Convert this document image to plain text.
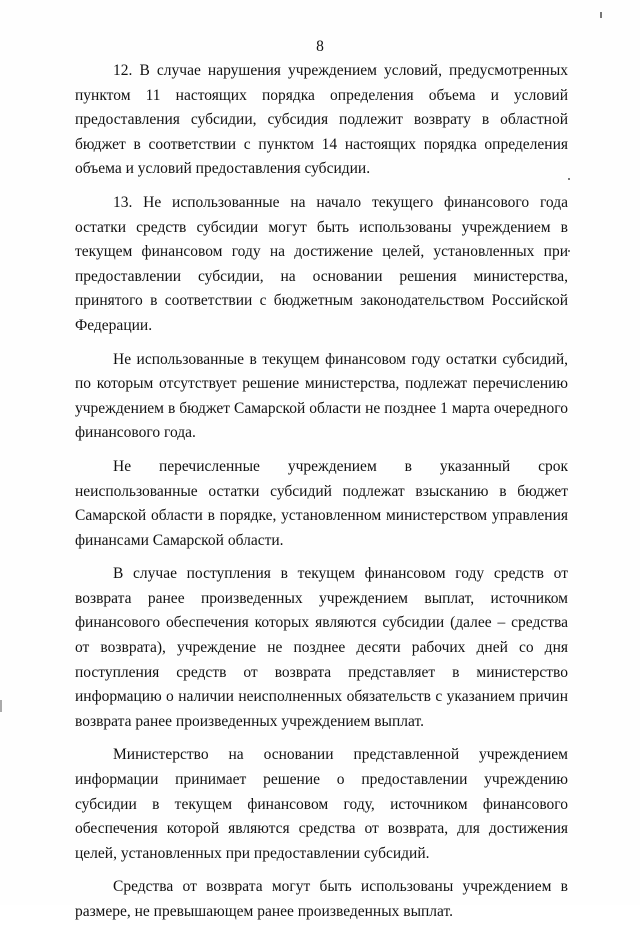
8

12. В случае нарушения учреждением условий, предусмотренных пунктом 11 настоящих порядка определения объема и условий предоставления субсидии, субсидия подлежит возврату в областной бюджет в соответствии с пунктом 14 настоящих порядка определения объема и условий предоставления субсидии.

13. Не использованные на начало текущего финансового года остатки средств субсидии могут быть использованы учреждением в текущем финансовом году на достижение целей, установленных при предоставлении субсидии, на основании решения министерства, принятого в соответствии с бюджетным законодательством Российской Федерации.

Не использованные в текущем финансовом году остатки субсидий, по которым отсутствует решение министерства, подлежат перечислению учреждением в бюджет Самарской области не позднее 1 марта очередного финансового года.

Не перечисленные учреждением в указанный срок неиспользованные остатки субсидий подлежат взысканию в бюджет Самарской области в порядке, установленном министерством управления финансами Самарской области.

В случае поступления в текущем финансовом году средств от возврата ранее произведенных учреждением выплат, источником финансового обеспечения которых являются субсидии (далее – средства от возврата), учреждение не позднее десяти рабочих дней со дня поступления средств от возврата представляет в министерство информацию о наличии неисполненных обязательств с указанием причин возврата ранее произведенных учреждением выплат.

Министерство на основании представленной учреждением информации принимает решение о предоставлении учреждению субсидии в текущем финансовом году, источником финансового обеспечения которой являются средства от возврата, для достижения целей, установленных при предоставлении субсидий.

Средства от возврата могут быть использованы учреждением в размере, не превышающем ранее произведенных выплат.
